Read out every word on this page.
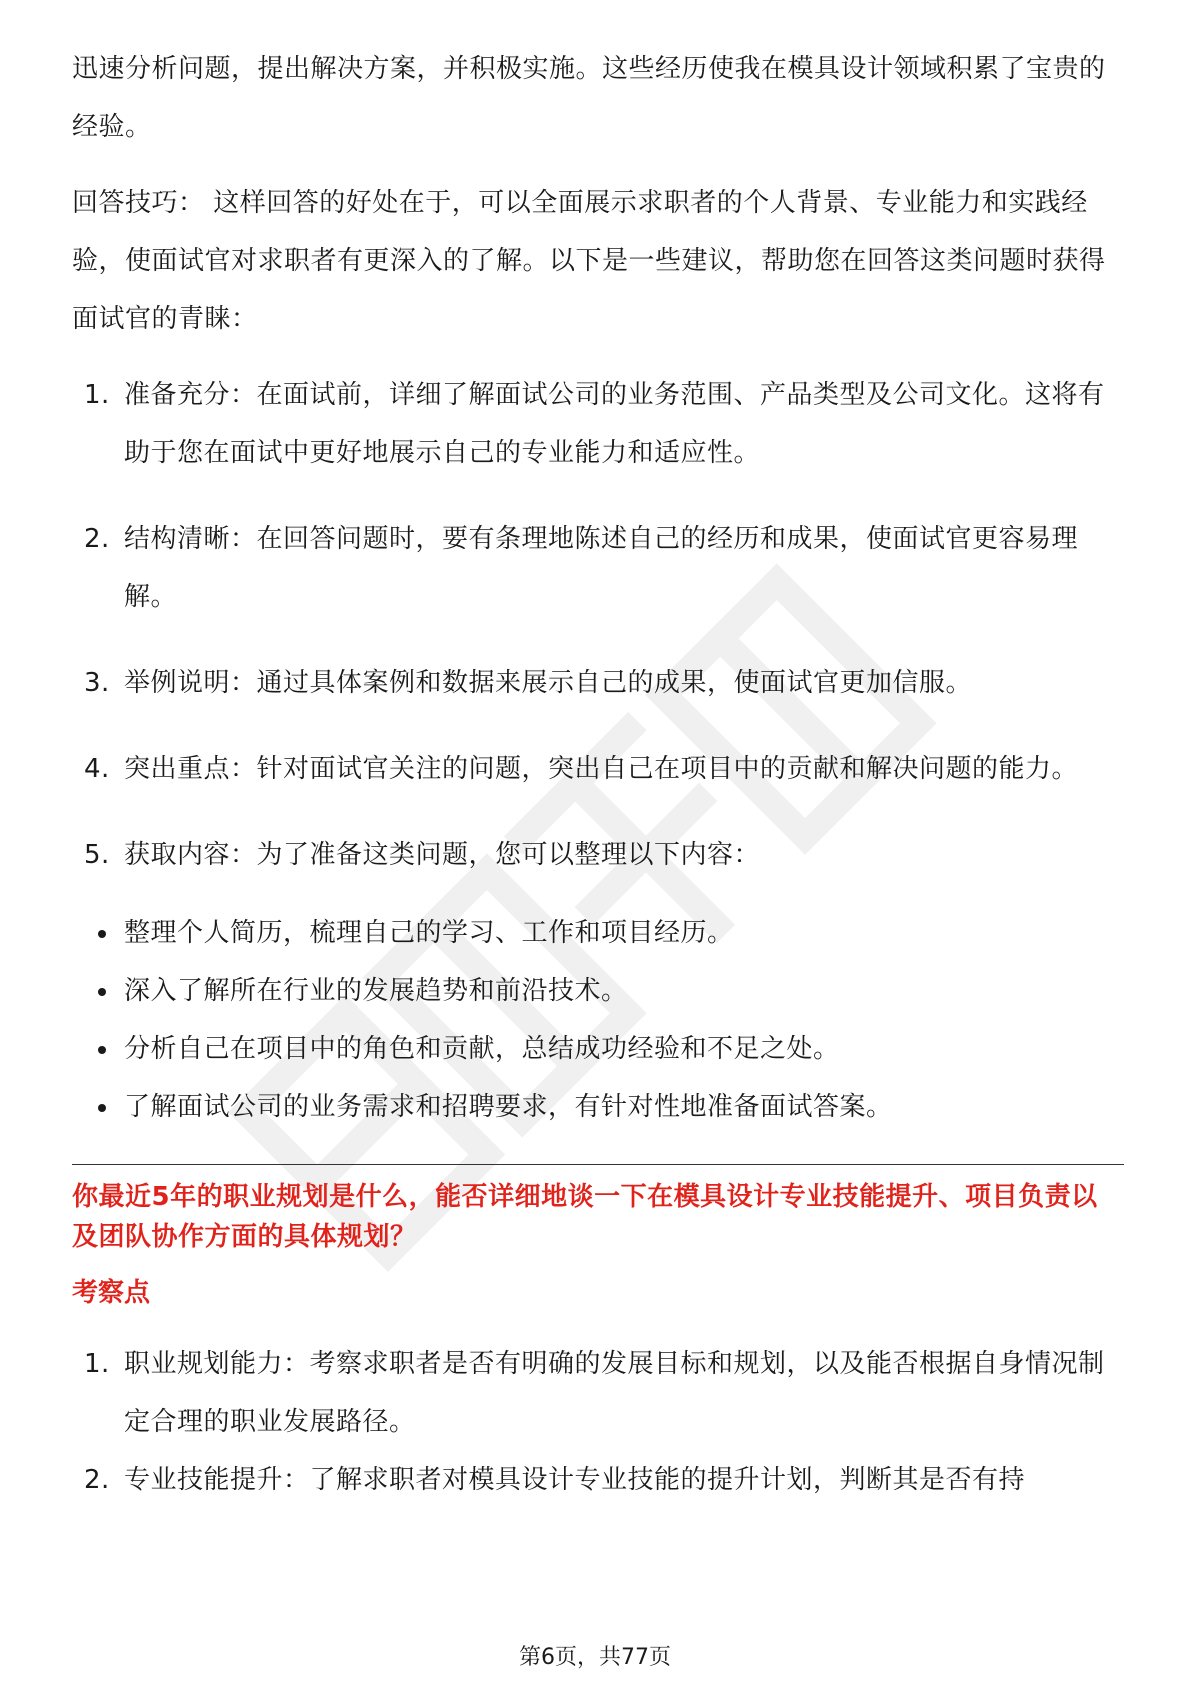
迅速分析问题，提出解决方案，并积极实施。这些经历使我在模具设计领域积累了宝贵的经验。

回答技巧： 这样回答的好处在于，可以全面展示求职者的个人背景、专业能力和实践经验，使面试官对求职者有更深入的了解。以下是一些建议，帮助您在回答这类问题时获得面试官的青睐：

1. 准备充分：在面试前，详细了解面试公司的业务范围、产品类型及公司文化。这将有助于您在面试中更好地展示自己的专业能力和适应性。
2. 结构清晰：在回答问题时，要有条理地陈述自己的经历和成果，使面试官更容易理解。
3. 举例说明：通过具体案例和数据来展示自己的成果，使面试官更加信服。
4. 突出重点：针对面试官关注的问题，突出自己在项目中的贡献和解决问题的能力。
5. 获取内容：为了准备这类问题，您可以整理以下内容：
整理个人简历，梳理自己的学习、工作和项目经历。
深入了解所在行业的发展趋势和前沿技术。
分析自己在项目中的角色和贡献，总结成功经验和不足之处。
了解面试公司的业务需求和招聘要求，有针对性地准备面试答案。
你最近5年的职业规划是什么，能否详细地谈一下在模具设计专业技能提升、项目负责以及团队协作方面的具体规划？
考察点
1. 职业规划能力：考察求职者是否有明确的发展目标和规划，以及能否根据自身情况制定合理的职业发展路径。
2. 专业技能提升：了解求职者对模具设计专业技能的提升计划，判断其是否有持
第6页，共77页
